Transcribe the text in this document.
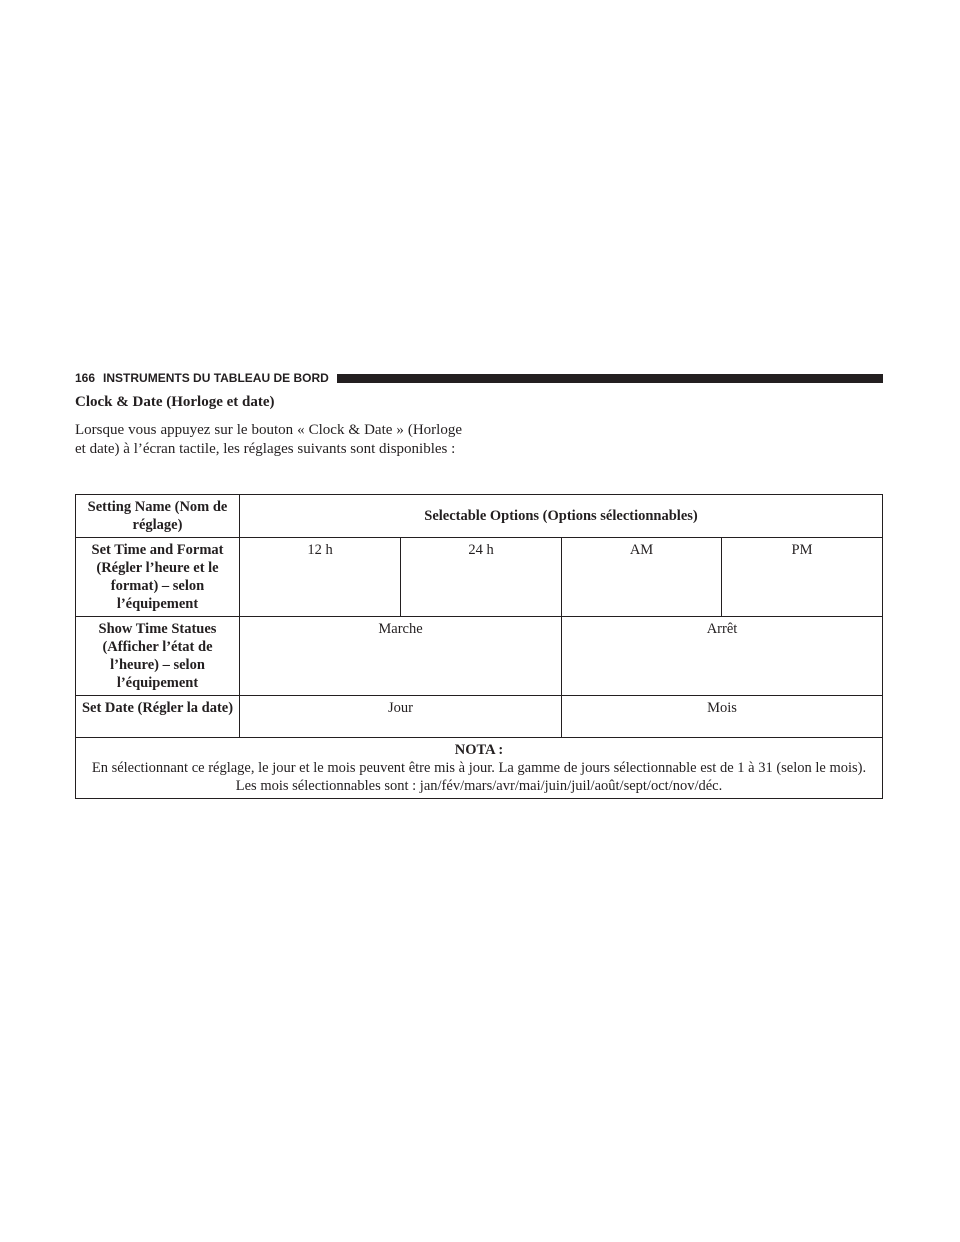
166 INSTRUMENTS DU TABLEAU DE BORD
Clock & Date (Horloge et date)
Lorsque vous appuyez sur le bouton « Clock & Date » (Horloge et date) à l’écran tactile, les réglages suivants sont disponibles :
Setting Name (Nom de réglage)	Selectable Options (Options sélectionnables)			
Set Time and Format (Régler l’heure et le format) – selon l’équipement	12 h	24 h	AM	PM
Show Time Statues (Afficher l’état de l’heure) – selon l’équipement	Marche		Arrêt	
Set Date (Régler la date)	Jour		Mois	

NOTA :
En sélectionnant ce réglage, le jour et le mois peuvent être mis à jour. La gamme de jours sélectionnable est de 1 à 31 (selon le mois). Les mois sélectionnables sont : jan/fév/mars/avr/mai/juin/juil/août/sept/oct/nov/déc.				
